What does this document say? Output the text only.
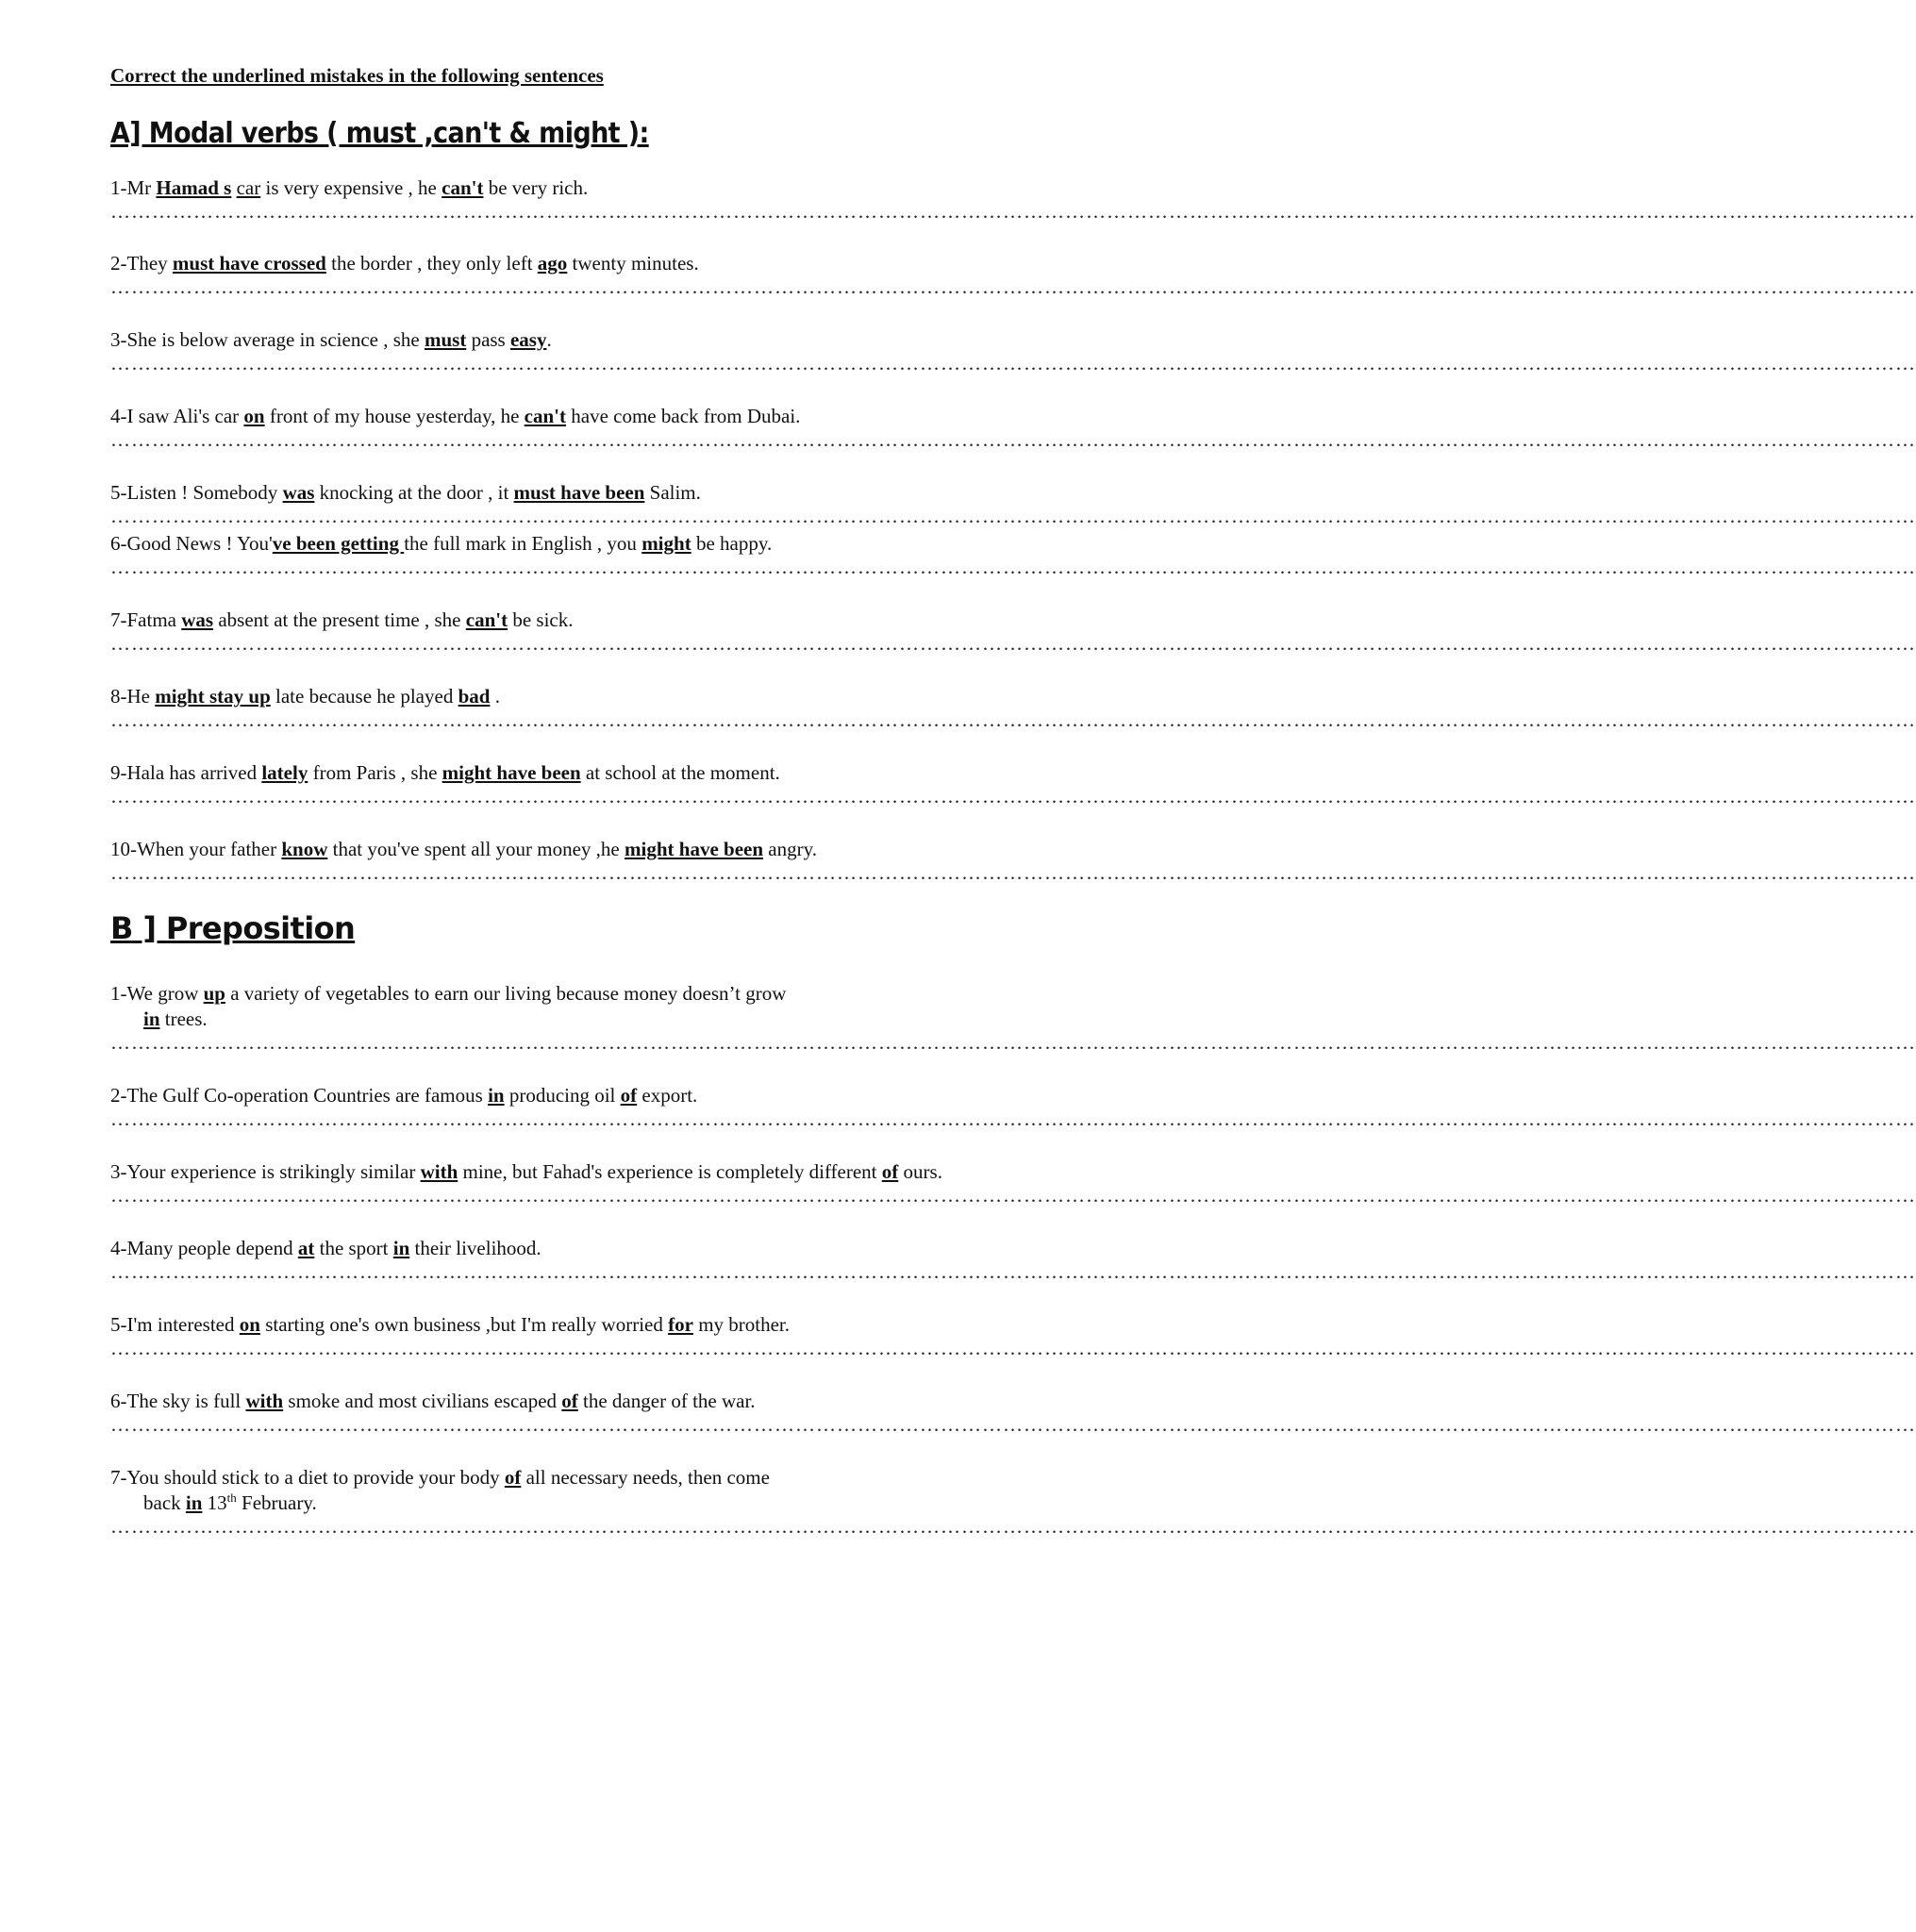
Correct the underlined mistakes in the following sentences
A] Modal verbs ( must ,can't & might ):
1-Mr Hamad s car is very expensive , he can't be very rich.
………………………………………………………………………………………………………………………………………………………………………………………………………………………………………
2-They must have crossed the border , they only left ago twenty minutes.
………………………………………………………………………………………………………………………………………………………………………………………………………………………………………
3-She is below average in science , she must pass easy.
………………………………………………………………………………………………………………………………………………………………………………………………………………………………………
4-I saw Ali's car on front of my house yesterday, he can't have come back from Dubai.
………………………………………………………………………………………………………………………………………………………………………………………………………………………………………
5-Listen ! Somebody was knocking at the door , it must have been Salim.
………………………………………………………………………………………………………………………………………………………………………………………………………………………………………
6-Good News ! You've been getting the full mark in English , you might be happy.
………………………………………………………………………………………………………………………………………………………………………………………………………………………………………
7-Fatma was absent at the present time , she can't be sick.
………………………………………………………………………………………………………………………………………………………………………………………………………………………………………
8-He might stay up late because he played bad .
………………………………………………………………………………………………………………………………………………………………………………………………………………………………………
9-Hala has arrived lately from Paris , she might have been at school at the moment.
………………………………………………………………………………………………………………………………………………………………………………………………………………………………………
10-When your father know that you've spent all your money ,he might have been angry.
………………………………………………………………………………………………………………………………………………………………………………………………………………………………………
B ] Preposition
1-We grow up a variety of vegetables to earn our living because money doesn’t grow
in trees.
………………………………………………………………………………………………………………………………………………………………………………………………………………………………………
2-The Gulf Co-operation Countries are famous in producing oil of export.
………………………………………………………………………………………………………………………………………………………………………………………………………………………………………
3-Your experience is strikingly similar with mine, but Fahad's experience is completely different of ours.
………………………………………………………………………………………………………………………………………………………………………………………………………………………………………
4-Many people depend at the sport in their livelihood.
………………………………………………………………………………………………………………………………………………………………………………………………………………………………………
5-I'm interested on starting one's own business ,but I'm really worried for my brother.
………………………………………………………………………………………………………………………………………………………………………………………………………………………………………
6-The sky is full with smoke and most civilians escaped of the danger of the war.
………………………………………………………………………………………………………………………………………………………………………………………………………………………………………
7-You should stick to a diet to provide your body of all necessary needs, then come
back in 13th February.
………………………………………………………………………………………………………………………………………………………………………………………………………………………………………
